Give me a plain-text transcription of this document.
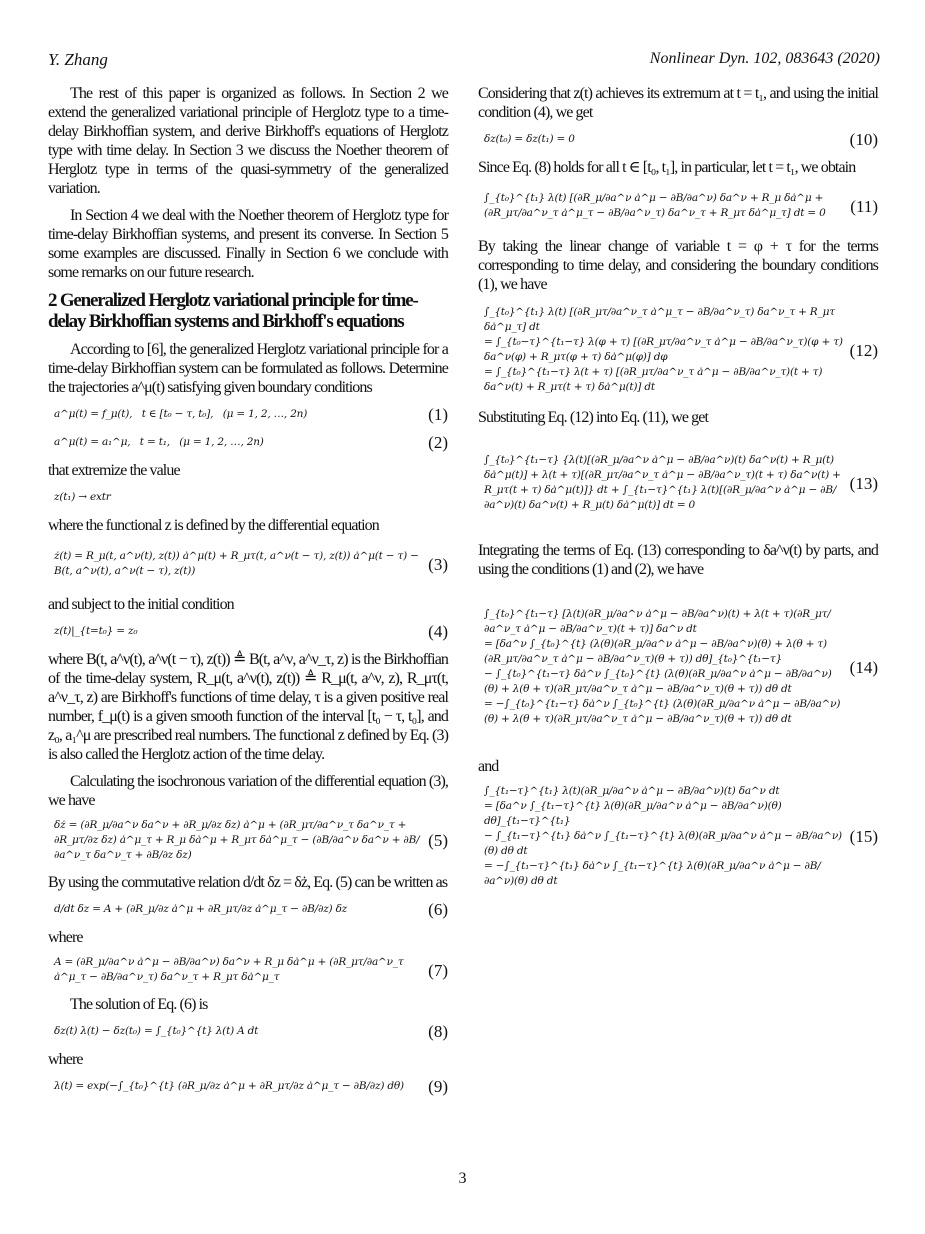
Y. Zhang	Nonlinear Dyn. 102, 083643 (2020)

The rest of this paper is organized as follows. In Section 2 we extend the generalized variational principle of Herglotz type to a time-delay Birkhoffian system, and derive Birkhoff's equations of Herglotz type with time delay. In Section 3 we discuss the Noether theorem of Herglotz type in terms of the quasi-symmetry of the generalized variation.

In Section 4 we deal with the Noether theorem of Herglotz type for time-delay Birkhoffian systems, and present its converse. In Section 5 some examples are discussed. Finally in Section 6 we conclude with some remarks on our future research.

2 Generalized Herglotz variational principle for time-delay Birkhoffian systems and Birkhoff's equations

According to [6], the generalized Herglotz variational principle for a time-delay Birkhoffian system can be formulated as follows. Determine the trajectories a^μ(t) satisfying given boundary conditions

a^μ(t) = f_μ(t),   t ∈ [t₀ − τ, t₀],   (μ = 1, 2, …, 2n)	(1)
a^μ(t) = a₁^μ,   t = t₁,   (μ = 1, 2, …, 2n)	(2)

that extremize the value

z(t₁) → extr

where the functional z is defined by the differential equation

ż(t) = R_μ(t, a^ν(t), z(t)) ȧ^μ(t) + R_μτ(t, a^ν(t − τ), z(t)) ȧ^μ(t − τ) − B(t, a^ν(t), a^ν(t − τ), z(t))	(3)

and subject to the initial condition

z(t)|_{t=t₀} = z₀	(4)

where B(t, a^ν(t), a^ν(t − τ), z(t)) ≜ B(t, a^ν, a^ν_τ, z) is the Birkhoffian of the time-delay system, R_μ(t, a^ν(t), z(t)) ≜ R_μ(t, a^ν, z), R_μτ(t, a^ν_τ, z) are Birkhoff's functions of time delay, τ is a given positive real number, f_μ(t) is a given smooth function of the interval [t₀ − τ, t₀], and z₀, a₁^μ are prescribed real numbers. The functional z defined by Eq. (3) is also called the Herglotz action of the time delay.

Calculating the isochronous variation of the differential equation (3), we have

δż = (∂R_μ/∂a^ν δa^ν + ∂R_μ/∂z δz) ȧ^μ + (∂R_μτ/∂a^ν_τ δa^ν_τ + ∂R_μτ/∂z δz) ȧ^μ_τ + R_μ δȧ^μ + R_μτ δȧ^μ_τ − (∂B/∂a^ν δa^ν + ∂B/∂a^ν_τ δa^ν_τ + ∂B/∂z δz)
(5)

By using the commutative relation d/dt δz = δż, Eq. (5) can be written as

d/dt δz = A + (∂R_μ/∂z ȧ^μ + ∂R_μτ/∂z ȧ^μ_τ − ∂B/∂z) δz	(6)

where

A = (∂R_μ/∂a^ν ȧ^μ − ∂B/∂a^ν) δa^ν + R_μ δȧ^μ + (∂R_μτ/∂a^ν_τ ȧ^μ_τ − ∂B/∂a^ν_τ) δa^ν_τ + R_μτ δȧ^μ_τ	(7)

The solution of Eq. (6) is

δz(t) λ(t) − δz(t₀) = ∫_{t₀}^{t} λ(t) A dt	(8)

where

λ(t) = exp(−∫_{t₀}^{t} (∂R_μ/∂z ȧ^μ + ∂R_μτ/∂z ȧ^μ_τ − ∂B/∂z) dθ)	(9)

Considering that z(t) achieves its extremum at t = t₁, and using the initial condition (4), we get

δz(t₀) = δz(t₁) = 0	(10)

Since Eq. (8) holds for all t ∈ [t₀, t₁], in particular, let t = t₁, we obtain

∫_{t₀}^{t₁} λ(t) [(∂R_μ/∂a^ν ȧ^μ − ∂B/∂a^ν) δa^ν + R_μ δȧ^μ + (∂R_μτ/∂a^ν_τ ȧ^μ_τ − ∂B/∂a^ν_τ) δa^ν_τ + R_μτ δȧ^μ_τ] dt = 0	(11)

By taking the linear change of variable t = φ + τ for the terms corresponding to time delay, and considering the boundary conditions (1), we have

∫_{t₀}^{t₁} λ(t) [(∂R_μτ/∂a^ν_τ ȧ^μ_τ − ∂B/∂a^ν_τ) δa^ν_τ + R_μτ δȧ^μ_τ] dt
= ∫_{t₀−τ}^{t₁−τ} λ(φ + τ) [(∂R_μτ/∂a^ν_τ ȧ^μ − ∂B/∂a^ν_τ)(φ + τ) δa^ν(φ) + R_μτ(φ + τ) δȧ^μ(φ)] dφ
= ∫_{t₀}^{t₁−τ} λ(t + τ) [(∂R_μτ/∂a^ν_τ ȧ^μ − ∂B/∂a^ν_τ)(t + τ) δa^ν(t) + R_μτ(t + τ) δȧ^μ(t)] dt
(12)

Substituting Eq. (12) into Eq. (11), we get

∫_{t₀}^{t₁−τ} {λ(t)[(∂R_μ/∂a^ν ȧ^μ − ∂B/∂a^ν)(t) δa^ν(t) + R_μ(t) δȧ^μ(t)] + λ(t + τ)[(∂R_μτ/∂a^ν_τ ȧ^μ − ∂B/∂a^ν_τ)(t + τ) δa^ν(t) + R_μτ(t + τ) δȧ^μ(t)]} dt + ∫_{t₁−τ}^{t₁} λ(t)[(∂R_μ/∂a^ν ȧ^μ − ∂B/∂a^ν)(t) δa^ν(t) + R_μ(t) δȧ^μ(t)] dt = 0
(13)

Integrating the terms of Eq. (13) corresponding to δa^ν(t) by parts, and using the conditions (1) and (2), we have

∫_{t₀}^{t₁−τ} [λ(t)(∂R_μ/∂a^ν ȧ^μ − ∂B/∂a^ν)(t) + λ(t + τ)(∂R_μτ/∂a^ν_τ ȧ^μ − ∂B/∂a^ν_τ)(t + τ)] δa^ν dt
= [δa^ν ∫_{t₀}^{t} (λ(θ)(∂R_μ/∂a^ν ȧ^μ − ∂B/∂a^ν)(θ) + λ(θ + τ)(∂R_μτ/∂a^ν_τ ȧ^μ − ∂B/∂a^ν_τ)(θ + τ)) dθ]_{t₀}^{t₁−τ}
− ∫_{t₀}^{t₁−τ} δȧ^ν ∫_{t₀}^{t} (λ(θ)(∂R_μ/∂a^ν ȧ^μ − ∂B/∂a^ν)(θ) + λ(θ + τ)(∂R_μτ/∂a^ν_τ ȧ^μ − ∂B/∂a^ν_τ)(θ + τ)) dθ dt
= −∫_{t₀}^{t₁−τ} δȧ^ν ∫_{t₀}^{t} (λ(θ)(∂R_μ/∂a^ν ȧ^μ − ∂B/∂a^ν)(θ) + λ(θ + τ)(∂R_μτ/∂a^ν_τ ȧ^μ − ∂B/∂a^ν_τ)(θ + τ)) dθ dt
(14)

and

∫_{t₁−τ}^{t₁} λ(t)(∂R_μ/∂a^ν ȧ^μ − ∂B/∂a^ν)(t) δa^ν dt
= [δa^ν ∫_{t₁−τ}^{t} λ(θ)(∂R_μ/∂a^ν ȧ^μ − ∂B/∂a^ν)(θ) dθ]_{t₁−τ}^{t₁}
− ∫_{t₁−τ}^{t₁} δȧ^ν ∫_{t₁−τ}^{t} λ(θ)(∂R_μ/∂a^ν ȧ^μ − ∂B/∂a^ν)(θ) dθ dt
= −∫_{t₁−τ}^{t₁} δȧ^ν ∫_{t₁−τ}^{t} λ(θ)(∂R_μ/∂a^ν ȧ^μ − ∂B/∂a^ν)(θ) dθ dt
(15)
3
